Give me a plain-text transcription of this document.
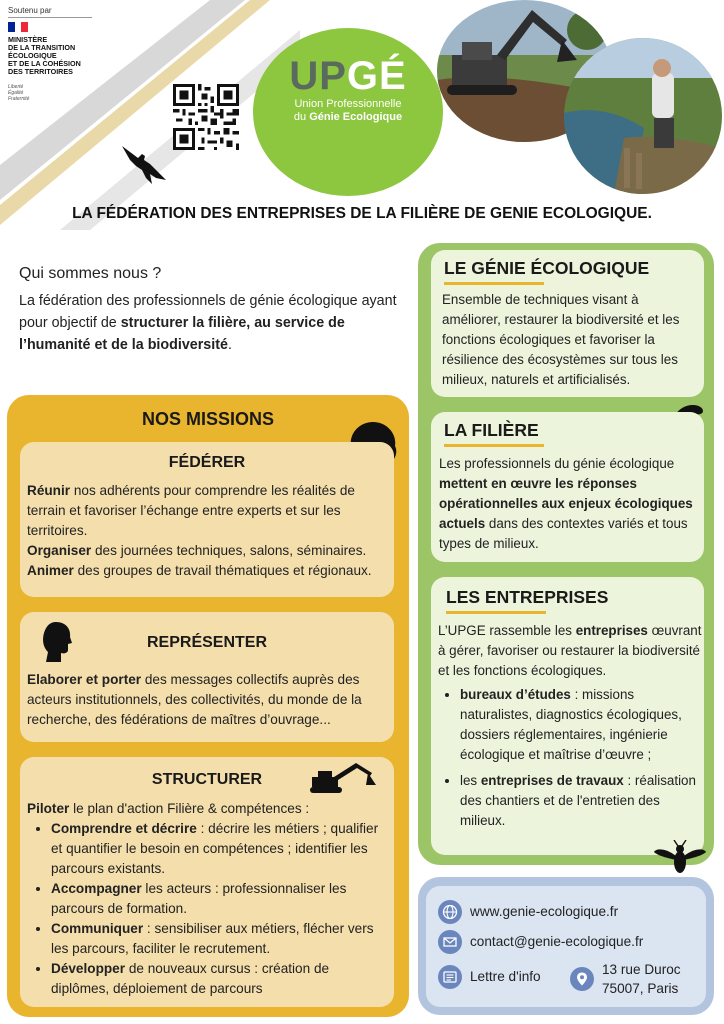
Soutenu par
MINISTÈRE
DE LA TRANSITION
ÉCOLOGIQUE
ET DE LA COHÉSION
DES TERRITOIRES
Liberté
Égalité
Fraternité
UPGÉ
Union Professionnelle
du Génie Ecologique
LA FÉDÉRATION DES ENTREPRISES DE LA FILIÈRE DE GENIE ECOLOGIQUE.
Qui sommes nous ?
La fédération des professionnels de génie écologique ayant pour objectif de structurer la filière, au service de l’humanité et de la biodiversité.
NOS MISSIONS
FÉDÉRER
Réunir nos adhérents pour comprendre les réalités de terrain et favoriser l’échange entre experts et sur les territoires.
Organiser des journées techniques, salons, séminaires.
Animer des groupes de travail thématiques et régionaux.
REPRÉSENTER
Elaborer et porter des messages collectifs auprès des acteurs institutionnels, des collectivités, du monde de la recherche, des fédérations de maîtres d’ouvrage...
STRUCTURER
Piloter le plan d'action Filière & compétences :
• Comprendre et décrire : décrire les métiers ; qualifier et quantifier le besoin en compétences ; identifier les parcours existants.
• Accompagner les acteurs : professionnaliser les parcours de formation.
• Communiquer : sensibiliser aux métiers, flécher vers les parcours, faciliter le recrutement.
• Développer de nouveaux cursus : création de diplômes, déploiement de parcours
LE GÉNIE ÉCOLOGIQUE
Ensemble de techniques visant à améliorer, restaurer la biodiversité et les fonctions écologiques et favoriser la résilience des écosystèmes sur tous les milieux, naturels et artificialisés.
LA FILIÈRE
Les professionnels du génie écologique mettent en œuvre les réponses opérationnelles aux enjeux écologiques actuels dans des contextes variés et tous types de milieux.
LES ENTREPRISES
L’UPGE rassemble les entreprises œuvrant à gérer, favoriser ou restaurer la biodiversité et les fonctions écologiques.
• bureaux d’études : missions naturalistes, diagnostics écologiques, dossiers réglementaires, ingénierie écologique et maîtrise d’œuvre ;
• les entreprises de travaux : réalisation des chantiers et de l'entretien des milieux.
www.genie-ecologique.fr
contact@genie-ecologique.fr
Lettre d'info	13 rue Duroc
75007, Paris
